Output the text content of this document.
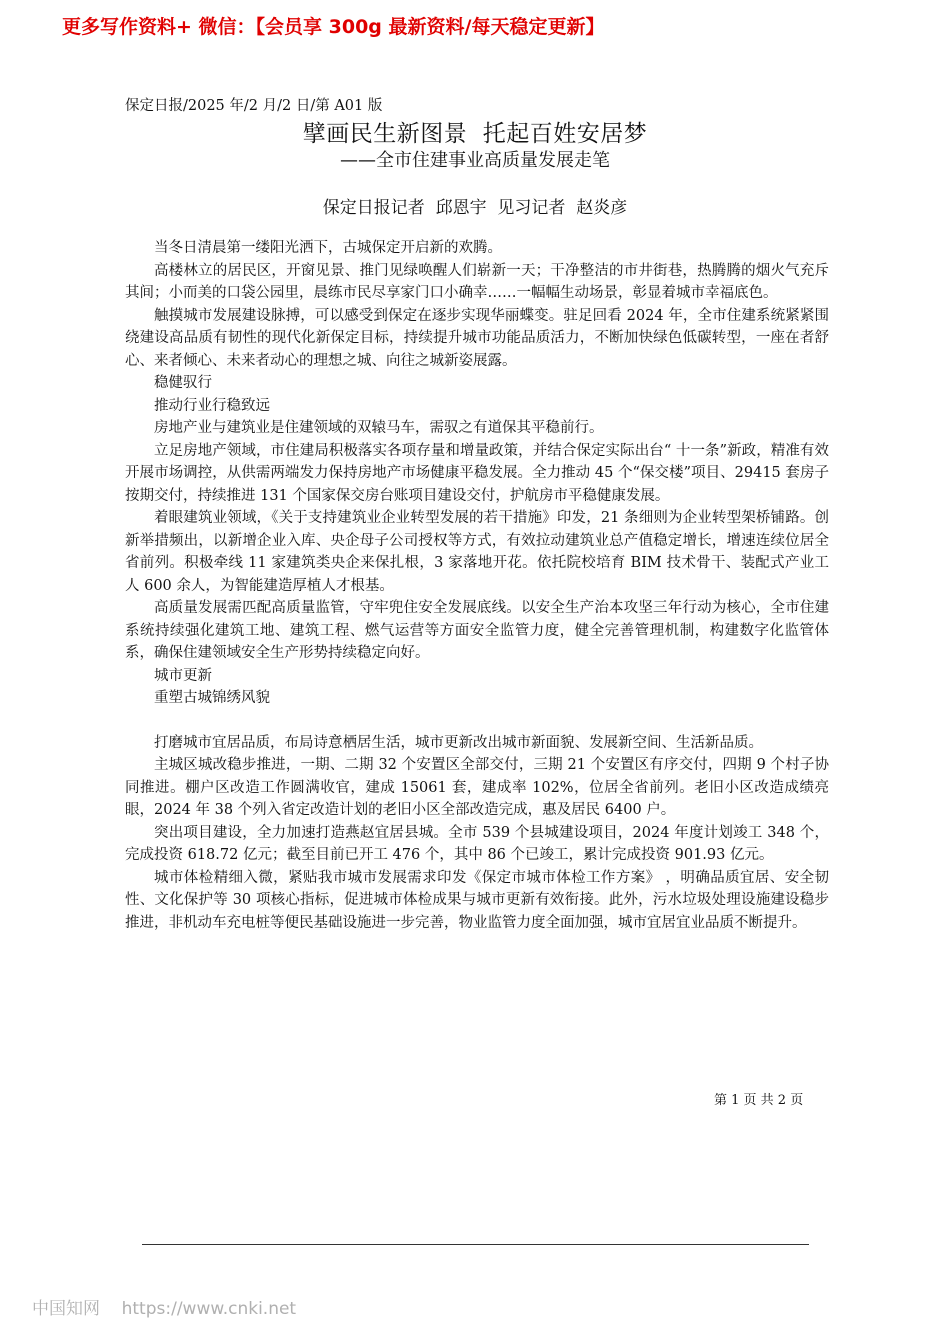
更多写作资料+ 微信：【会员享 300g 最新资料/每天稳定更新】
保定日报/2025 年/2 月/2 日/第 A01 版
擘画民生新图景  托起百姓安居梦
——全市住建事业高质量发展走笔
保定日报记者  邱恩宇  见习记者  赵炎彦

当冬日清晨第一缕阳光洒下，古城保定开启新的欢腾。

高楼林立的居民区，开窗见景、推门见绿唤醒人们崭新一天；干净整洁的市井街巷，热腾腾的烟火气充斥其间；小而美的口袋公园里，晨练市民尽享家门口小确幸……一幅幅生动场景，彰显着城市幸福底色。

触摸城市发展建设脉搏，可以感受到保定在逐步实现华丽蝶变。驻足回看 2024 年，全市住建系统紧紧围绕建设高品质有韧性的现代化新保定目标，持续提升城市功能品质活力，不断加快绿色低碳转型，一座在者舒心、来者倾心、未来者动心的理想之城、向往之城新姿展露。

稳健驭行

推动行业行稳致远

房地产业与建筑业是住建领域的双辕马车，需驭之有道保其平稳前行。

立足房地产领域，市住建局积极落实各项存量和增量政策，并结合保定实际出台“ 十一条”新政，精准有效开展市场调控，从供需两端发力保持房地产市场健康平稳发展。全力推动 45 个“保交楼”项目、29415 套房子按期交付，持续推进 131 个国家保交房台账项目建设交付，护航房市平稳健康发展。

着眼建筑业领域，《关于支持建筑业企业转型发展的若干措施》印发，21 条细则为企业转型架桥铺路。创新举措频出，以新增企业入库、央企母子公司授权等方式，有效拉动建筑业总产值稳定增长，增速连续位居全省前列。积极牵线 11 家建筑类央企来保扎根，3 家落地开花。依托院校培育 BIM 技术骨干、装配式产业工人 600 余人，为智能建造厚植人才根基。

高质量发展需匹配高质量监管，守牢兜住安全发展底线。以安全生产治本攻坚三年行动为核心，全市住建系统持续强化建筑工地、建筑工程、燃气运营等方面安全监管力度，健全完善管理机制，构建数字化监管体系，确保住建领域安全生产形势持续稳定向好。

城市更新

重塑古城锦绣风貌

打磨城市宜居品质，布局诗意栖居生活，城市更新改出城市新面貌、发展新空间、生活新品质。

主城区城改稳步推进，一期、二期 32 个安置区全部交付，三期 21 个安置区有序交付，四期 9 个村子协同推进。棚户区改造工作圆满收官，建成 15061 套，建成率 102%，位居全省前列。老旧小区改造成绩亮眼，2024 年 38 个列入省定改造计划的老旧小区全部改造完成，惠及居民 6400 户。

突出项目建设，全力加速打造燕赵宜居县城。全市 539 个县城建设项目，2024 年度计划竣工 348 个，完成投资 618.72 亿元；截至目前已开工 476 个，其中 86 个已竣工，累计完成投资 901.93 亿元。

城市体检精细入微，紧贴我市城市发展需求印发《保定市城市体检工作方案》 ，明确品质宜居、安全韧性、文化保护等 30 项核心指标，促进城市体检成果与城市更新有效衔接。此外，污水垃圾处理设施建设稳步推进，非机动车充电桩等便民基础设施进一步完善，物业监管力度全面加强，城市宜居宜业品质不断提升。

第 1 页 共 2 页
中国知网    https://www.cnki.net
